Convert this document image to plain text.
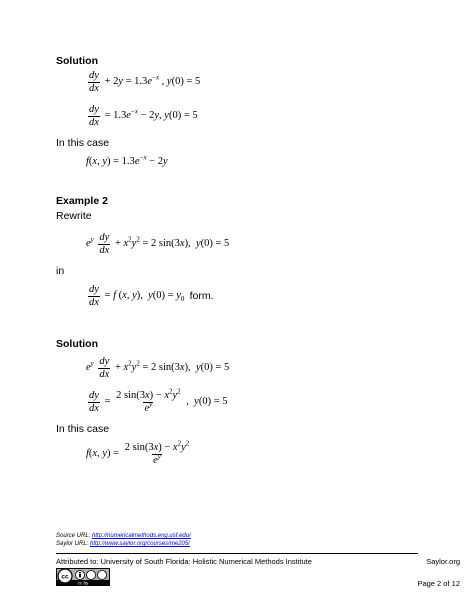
Solution
$\frac{dy}{dx} + 2y = 1.3e^{-x}$ , y(0) = 5
$\frac{dy}{dx} = 1.3e^{-x} - 2y$, y(0) = 5
In this case
f(x, $y) = 1.3e^{-x} - 2y$
Example 2
Rewrite
$e^y \frac{dy}{dx} + x^2y^2 = 2$ sin(3x),  y(0) = 5
in
$\frac{dy}{dx} = f$ (x, y),  $y(0) = y_0$ form.
Solution
$e^y \frac{dy}{dx} + x^2y^2 = 2$ sin(3x),  y(0) = 5
$\frac{dy}{dx} = \frac{2 \sin(3x) - x^2y^2}{e^y}$ ,  y(0) = 5
In this case
f(x, $y) = \frac{2 \sin(3x) - x^2y^2}{e^y}$
Source URL: http://numericalmethods.eng.usf.edu/
Saylor URL: http://www.saylor.org/courses/me205/
Attributed to: University of South Florida: Holistic Numerical Methods Institute	Saylor.org
cc
cc by	Page 2 of 12
